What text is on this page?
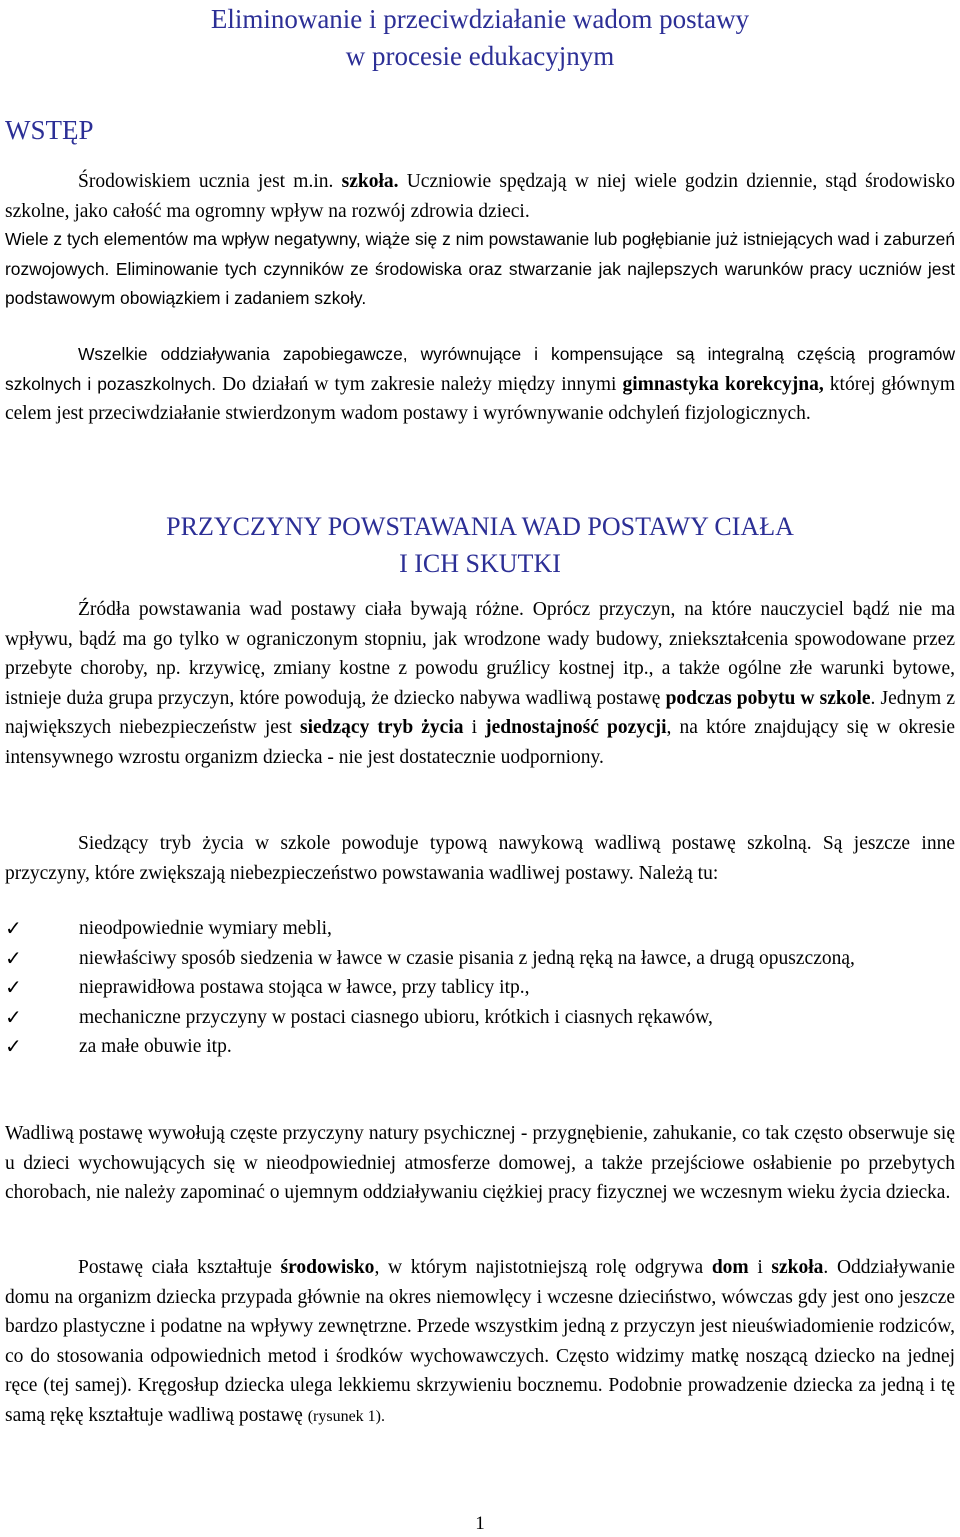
Eliminowanie i przeciwdziałanie wadom postawy
w procesie edukacyjnym
WSTĘP

Środowiskiem ucznia jest m.in. szkoła. Uczniowie spędzają w niej wiele godzin dziennie, stąd środowisko szkolne, jako całość ma ogromny wpływ na rozwój zdrowia dzieci.

Wiele z tych elementów ma wpływ negatywny, wiąże się z nim powstawanie lub pogłębianie już istniejących wad i zaburzeń rozwojowych. Eliminowanie tych czynników ze środowiska oraz stwarzanie jak najlepszych warunków pracy uczniów jest podstawowym obowiązkiem i zadaniem szkoły.

Wszelkie oddziaływania zapobiegawcze, wyrównujące i kompensujące są integralną częścią programów szkolnych i pozaszkolnych. Do działań w tym zakresie należy między innymi gimnastyka korekcyjna, której głównym celem jest przeciwdziałanie stwierdzonym wadom postawy i wyrównywanie odchyleń fizjologicznych.

PRZYCZYNY POWSTAWANIA WAD POSTAWY CIAŁA
I ICH SKUTKI

Źródła powstawania wad postawy ciała bywają różne. Oprócz przyczyn, na które nauczyciel bądź nie ma wpływu, bądź ma go tylko w ograniczonym stopniu, jak wrodzone wady budowy, zniekształcenia spowodowane przez przebyte choroby, np. krzywicę, zmiany kostne z powodu gruźlicy kostnej itp., a także ogólne złe warunki bytowe, istnieje duża grupa przyczyn, które powodują, że dziecko nabywa wadliwą postawę podczas pobytu w szkole. Jednym z największych niebezpieczeństw jest siedzący tryb życia i jednostajność pozycji, na które znajdujący się w okresie intensywnego wzrostu organizm dziecka - nie jest dostatecznie uodporniony.

Siedzący tryb życia w szkole powoduje typową nawykową wadliwą postawę szkolną. Są jeszcze inne przyczyny, które zwiększają niebezpieczeństwo powstawania wadliwej postawy. Należą tu:

✓	nieodpowiednie wymiary mebli,
✓	niewłaściwy sposób siedzenia w ławce w czasie pisania z jedną ręką na ławce, a drugą opuszczoną,
✓	nieprawidłowa postawa stojąca w ławce, przy tablicy itp.,
✓	mechaniczne przyczyny w postaci ciasnego ubioru, krótkich i ciasnych rękawów,
✓	za małe obuwie itp.

Wadliwą postawę wywołują częste przyczyny natury psychicznej - przygnębienie, zahukanie, co tak często obserwuje się u dzieci wychowujących się w nieodpowiedniej atmosferze domowej, a także przejściowe osłabienie po przebytych chorobach, nie należy zapominać o ujemnym oddziaływaniu ciężkiej pracy fizycznej we wczesnym wieku życia dziecka.

Postawę ciała kształtuje środowisko, w którym najistotniejszą rolę odgrywa dom i szkoła. Oddziaływanie domu na organizm dziecka przypada głównie na okres niemowlęcy i wczesne dzieciństwo, wówczas gdy jest ono jeszcze bardzo plastyczne i podatne na wpływy zewnętrzne. Przede wszystkim jedną z przyczyn jest nieuświadomienie rodziców, co do stosowania odpowiednich metod i środków wychowawczych. Często widzimy matkę noszącą dziecko na jednej ręce (tej samej). Kręgosłup dziecka ulega lekkiemu skrzywieniu bocznemu. Podobnie prowadzenie dziecka za jedną i tę samą rękę kształtuje wadliwą postawę (rysunek 1).

1
